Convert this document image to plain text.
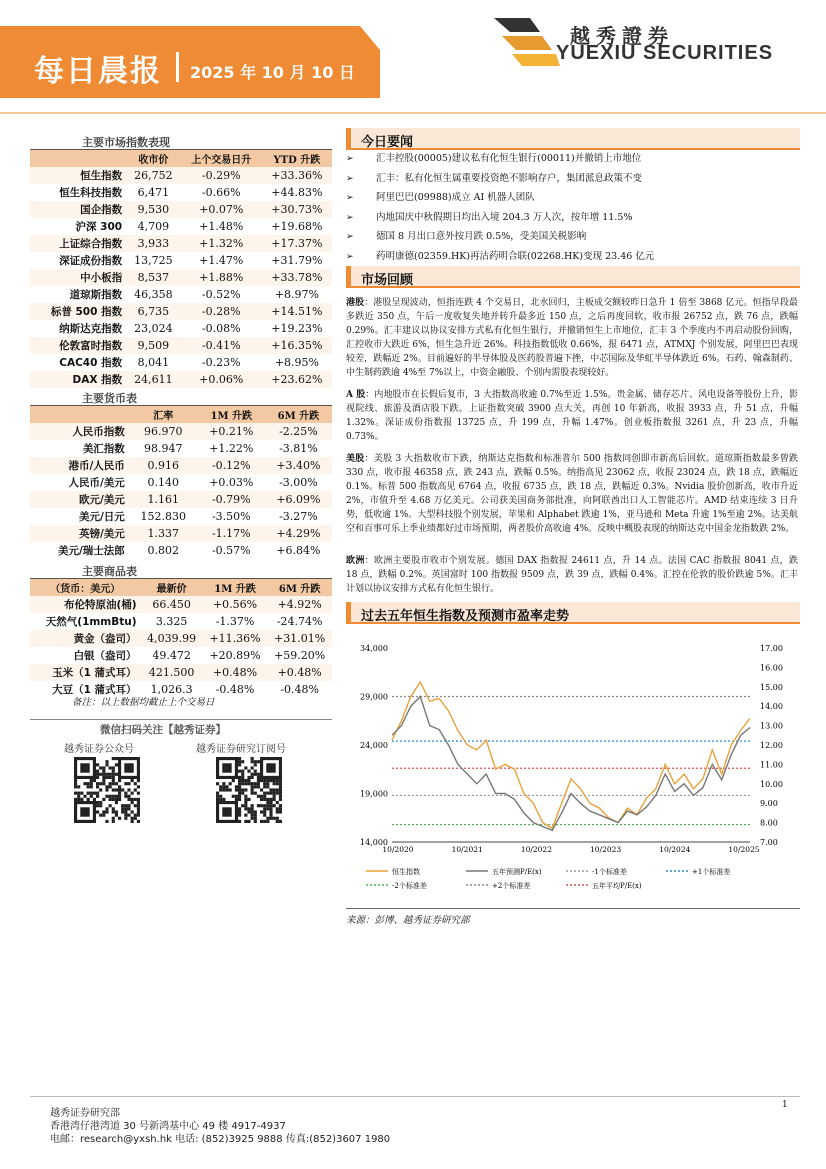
每日晨报 2025 年 10 月 10 日
越秀證券
YUEXIU SECURITIES
主要市场指数表现
	收市价	上个交易日升	YTD 升跌
恒生指数	26,752	-0.29%	+33.36%
恒生科技指数	6,471	-0.66%	+44.83%
国企指数	9,530	+0.07%	+30.73%
沪深 300	4,709	+1.48%	+19.68%
上证综合指数	3,933	+1.32%	+17.37%
深证成份指数	13,725	+1.47%	+31.79%
中小板指	8,537	+1.88%	+33.78%
道琼斯指数	46,358	-0.52%	+8.97%
标普 500 指数	6,735	-0.28%	+14.51%
纳斯达克指数	23,024	-0.08%	+19.23%
伦敦富时指数	9,509	-0.41%	+16.35%
CAC40 指数	8,041	-0.23%	+8.95%
DAX 指数	24,611	+0.06%	+23.62%
主要货币表
	汇率	1M 升跌	6M 升跌
人民币指数	96.970	+0.21%	-2.25%
美汇指数	98.947	+1.22%	-3.81%
港币/人民币	0.916	-0.12%	+3.40%
人民币/美元	0.140	+0.03%	-3.00%
欧元/美元	1.161	-0.79%	+6.09%
美元/日元	152.830	-3.50%	-3.27%
英镑/美元	1.337	-1.17%	+4.29%
美元/瑞士法郎	0.802	-0.57%	+6.84%
主要商品表
（货币：美元）	最新价	1M 升跌	6M 升跌
布伦特原油(桶)	66.450	+0.56%	+4.92%
天然气(1mmBtu)	3.325	-1.37%	-24.74%
黄金（盎司）	4,039.99	+11.36%	+31.01%
白银（盎司）	49.472	+20.89%	+59.20%
玉米（1 蒲式耳）	421.500	+0.48%	+0.48%
大豆（1 蒲式耳）	1,026.3	-0.48%	-0.48%
备注：以上数据均截止上个交易日
微信扫码关注【越秀证券】
越秀证券公众号	越秀证券研究订阅号
今日要闻
➢ 汇丰控股(00005)建议私有化恒生银行(00011)并撤销上市地位
➢ 汇丰：私有化恒生属重要投资绝不影响存户，集团派息政策不变
➢ 阿里巴巴(09988)成立 AI 机器人团队
➢ 内地国庆中秋假期日均出入境 204.3 万人次，按年增 11.5%
➢ 德国 8 月出口意外按月跌 0.5%，受美国关税影响
➢ 药明康德(02359.HK)再沽药明合联(02268.HK)变现 23.46 亿元
市场回顾
港股：港股呈现波动，恒指连跌 4 个交易日，北水回归，主板成交额较昨日急升 1 倍至 3868 亿元。恒指早段最多跌近 350 点，午后一度收复失地并转升最多近 150 点，之后再度回软，收市报 26752 点，跌 76 点，跌幅 0.29%。汇丰建议以协议安排方式私有化恒生银行，并撤销恒生上市地位，汇丰 3 个季度内不再启动股份回购，汇控收市大跌近 6%，恒生急升近 26%。科技指数低收 0.66%，报 6471 点，ATMXJ 个别发展，阿里巴巴表现较差，跌幅近 2%。目前遍好的半导体股及医药股普遍下挫，中芯国际及华虹半导体跌近 6%。石药、翰森制药、中生制药跌逾 4%至 7%以上，中资金融股、个别内需股表现较好。
A 股：内地股市在长假后复市，3 大指数高收逾 0.7%至近 1.5%。贵金属、储存芯片、风电设备等股份上升，影视院线、旅游及酒店股下跌。上证指数突破 3900 点大关，再创 10 年新高，收报 3933 点，升 51 点，升幅 1.32%。深证成份指数报 13725 点，升 199 点，升幅 1.47%。创业板指数报 3261 点，升 23 点，升幅 0.73%。
美股：美股 3 大指数收市下跌，纳斯达克指数和标准普尔 500 指数同创即市新高后回软。道琼斯指数最多曾跌 330 点，收市报 46358 点，跌 243 点，跌幅 0.5%。纳指高见 23062 点，收报 23024 点，跌 18 点，跌幅近 0.1%。标普 500 指数高见 6764 点，收报 6735 点，跌 18 点，跌幅近 0.3%。Nvidia 股价创新高，收市升近 2%，市值升至 4.68 万亿美元。公司获美国商务部批准，向阿联酋出口人工智能芯片。AMD 结束连续 3 日升势，低收逾 1%。大型科技股个别发展，苹果和 Alphabet 跌逾 1%，亚马逊和 Meta 升逾 1%至逾 2%。达美航空和百事可乐上季业绩都好过市场预期，两者股价高收逾 4%。反映中概股表现的纳斯达克中国金龙指数跌 2%。
欧洲：欧洲主要股市收市个别发展。德国 DAX 指数报 24611 点，升 14 点。法国 CAC 指数报 8041 点，跌 18 点，跌幅 0.2%。英国富时 100 指数报 9509 点，跌 39 点，跌幅 0.4%。汇控在伦敦的股价跌逾 5%。汇丰计划以协议安排方式私有化恒生银行。
过去五年恒生指数及预测市盈率走势
34,000
29,000
24,000
19,000
14,000
17.00
16.00
15.00
14.00
13.00
12.00
11.00
10.00
9.00
8.00
7.00
10/2020	10/2021	10/2022	10/2023	10/2024	10/2025
恒生指数	五年预测P/E(x)	-1个标准差	+1个标准差
-2个标准差	+2个标准差	五年平均P/E(x)
来源：彭博、越秀证券研究部
越秀证券研究部
香港湾仔港湾道 30 号新鸿基中心 49 楼 4917-4937
电邮：research@yxsh.hk 电话: (852)3925 9888 传真:(852)3607 1980
1
